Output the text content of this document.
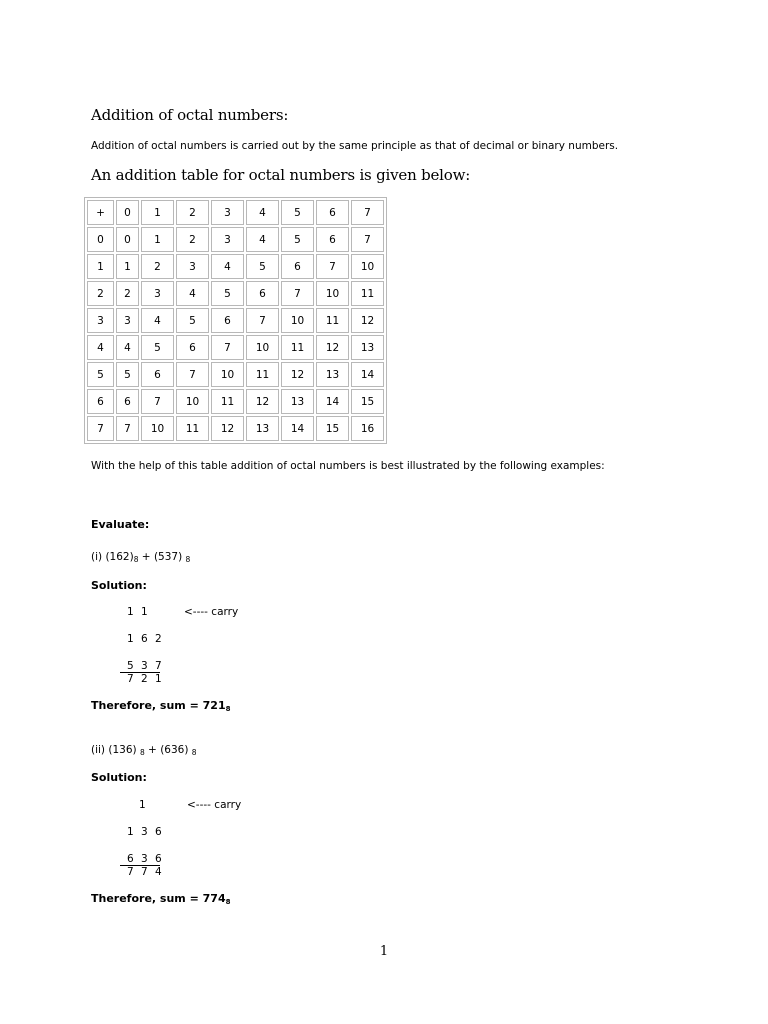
Addition of octal numbers:
Addition of octal numbers is carried out by the same principle as that of decimal or binary numbers.
An addition table for octal numbers is given below:
+	0	1	2	3	4	5	6	7
0	0	1	2	3	4	5	6	7
1	1	2	3	4	5	6	7	10
2	2	3	4	5	6	7	10	11
3	3	4	5	6	7	10	11	12
4	4	5	6	7	10	11	12	13
5	5	6	7	10	11	12	13	14
6	6	7	10	11	12	13	14	15
7	7	10	11	12	13	14	15	16
With the help of this table addition of octal numbers is best illustrated by the following examples:
Evaluate:
(i) $(162)_8 + (537)$ $_8$
Solution:
1 1	<---- carry
1 6 2
5 3 7
7 2 1
Therefore, sum = 7218
(ii) (136) $_8$ + (636) $_8$
Solution:
1	<---- carry
1 3 6
6 3 6
7 7 4
Therefore, sum = 7748
1
